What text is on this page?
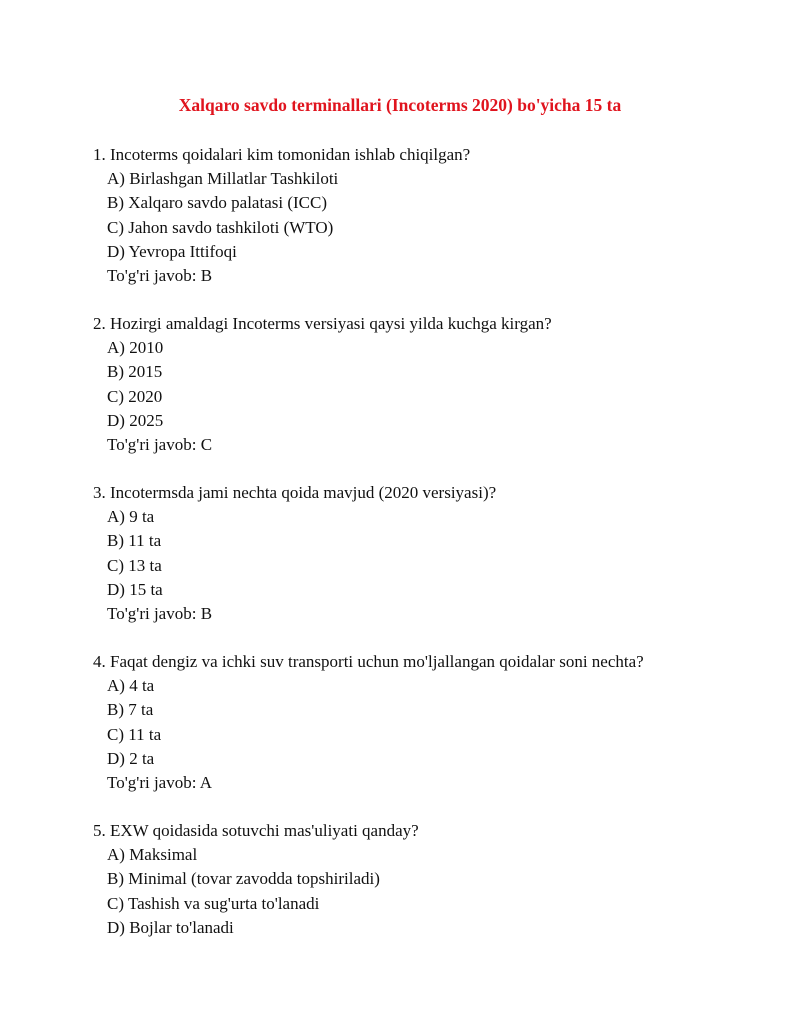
Xalqaro savdo terminallari (Incoterms 2020) bo'yicha 15 ta
1. Incoterms qoidalari kim tomonidan ishlab chiqilgan?
A) Birlashgan Millatlar Tashkiloti
B) Xalqaro savdo palatasi (ICC)
C) Jahon savdo tashkiloti (WTO)
D) Yevropa Ittifoqi
To'g'ri javob: B
2. Hozirgi amaldagi Incoterms versiyasi qaysi yilda kuchga kirgan?
A) 2010
B) 2015
C) 2020
D) 2025
To'g'ri javob: C
3. Incotermsda jami nechta qoida mavjud (2020 versiyasi)?
A) 9 ta
B) 11 ta
C) 13 ta
D) 15 ta
To'g'ri javob: B
4. Faqat dengiz va ichki suv transporti uchun mo'ljallangan qoidalar soni nechta?
A) 4 ta
B) 7 ta
C) 11 ta
D) 2 ta
To'g'ri javob: A
5. EXW qoidasida sotuvchi mas'uliyati qanday?
A) Maksimal
B) Minimal (tovar zavodda topshiriladi)
C) Tashish va sug'urta to'lanadi
D) Bojlar to'lanadi
